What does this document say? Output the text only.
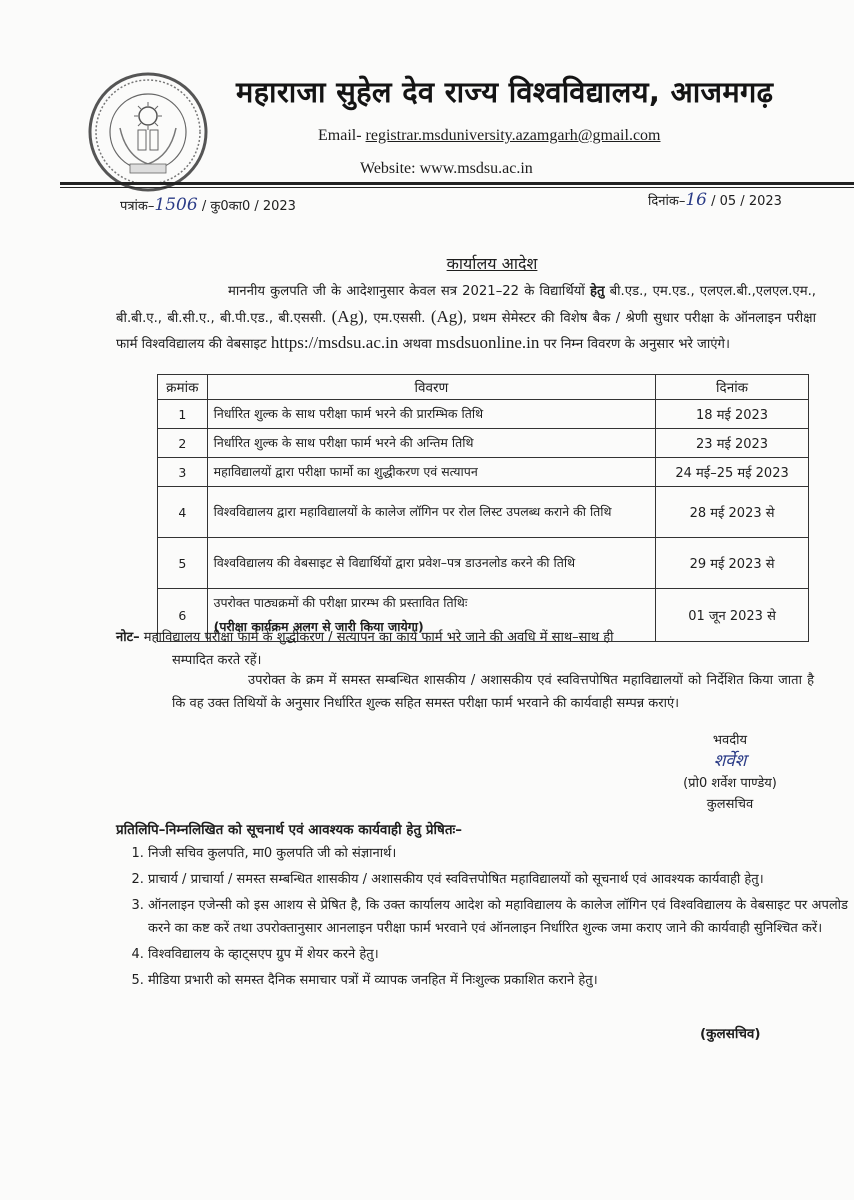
महाराजा सुहेल देव राज्य विश्वविद्यालय, आजमगढ़
Email- registrar.msduniversity.azamgarh@gmail.com
Website: www.msdsu.ac.in
पत्रांक–1506 / कु0का0 / 2023	दिनांक–16 / 05 / 2023
कार्यालय आदेश
माननीय कुलपति जी के आदेशानुसार केवल सत्र 2021–22 के विद्यार्थियों हेतु बी.एड., एम.एड., एलएल.बी.,एलएल.एम., बी.बी.ए., बी.सी.ए., बी.पी.एड., बी.एससी. (Ag), एम.एससी. (Ag), प्रथम सेमेस्टर की विशेष बैक / श्रेणी सुधार परीक्षा के ऑनलाइन परीक्षा फार्म विश्वविद्यालय की वेबसाइट https://msdsu.ac.in अथवा msdsuonline.in पर निम्न विवरण के अनुसार भरे जाएंगे।
क्रमांक	विवरण	दिनांक
1	निर्धारित शुल्क के साथ परीक्षा फार्म भरने की प्रारम्भिक तिथि	18 मई 2023
2	निर्धारित शुल्क के साथ परीक्षा फार्म भरने की अन्तिम तिथि	23 मई 2023
3	महाविद्यालयों द्वारा परीक्षा फार्मो का शुद्धीकरण एवं सत्यापन	24 मई–25 मई 2023
4	विश्वविद्यालय द्वारा महाविद्यालयों के कालेज लॉगिन पर रोल लिस्ट उपलब्ध कराने की तिथि	28 मई 2023 से
5	विश्वविद्यालय की वेबसाइट से विद्यार्थियों द्वारा प्रवेश–पत्र डाउनलोड करने की तिथि	29 मई 2023 से
6	उपरोक्त पाठ्यक्रमों की परीक्षा प्रारम्भ की प्रस्तावित तिथिः
(परीक्षा कार्यक्रम अलग से जारी किया जायेगा)	01 जून 2023 से
नोट– महाविद्यालय परीक्षा फार्म के शुद्धीकरण / सत्यापन का कार्य फार्म भरे जाने की अवधि में साथ–साथ ही
सम्पादित करते रहें।
उपरोक्त के क्रम में समस्त सम्बन्धित शासकीय / अशासकीय एवं स्ववित्तपोषित महाविद्यालयों को निर्देशित किया जाता है कि वह उक्त तिथियों के अनुसार निर्धारित शुल्क सहित समस्त परीक्षा फार्म भरवाने की कार्यवाही सम्पन्न कराएं।
भवदीय
शर्वेश
(प्रो0 शर्वेश पाण्डेय)
कुलसचिव
प्रतिलिपि–निम्नलिखित को सूचनार्थ एवं आवश्यक कार्यवाही हेतु प्रेषितः–
1. निजी सचिव कुलपति, मा0 कुलपति जी को संज्ञानार्थ।
2. प्राचार्य / प्राचार्या / समस्त सम्बन्धित शासकीय / अशासकीय एवं स्ववित्तपोषित महाविद्यालयों को सूचनार्थ एवं आवश्यक कार्यवाही हेतु।
3. ऑनलाइन एजेन्सी को इस आशय से प्रेषित है, कि उक्त कार्यालय आदेश को महाविद्यालय के कालेज लॉगिन एवं विश्वविद्यालय के वेबसाइट पर अपलोड करने का कष्ट करें तथा उपरोक्तानुसार आनलाइन परीक्षा फार्म भरवाने एवं ऑनलाइन निर्धारित शुल्क जमा कराए जाने की कार्यवाही सुनिश्चित करें।
4. विश्वविद्यालय के व्हाट्सएप ग्रुप में शेयर करने हेतु।
5. मीडिया प्रभारी को समस्त दैनिक समाचार पत्रों में व्यापक जनहित में निःशुल्क प्रकाशित कराने हेतु।
(कुलसचिव)
